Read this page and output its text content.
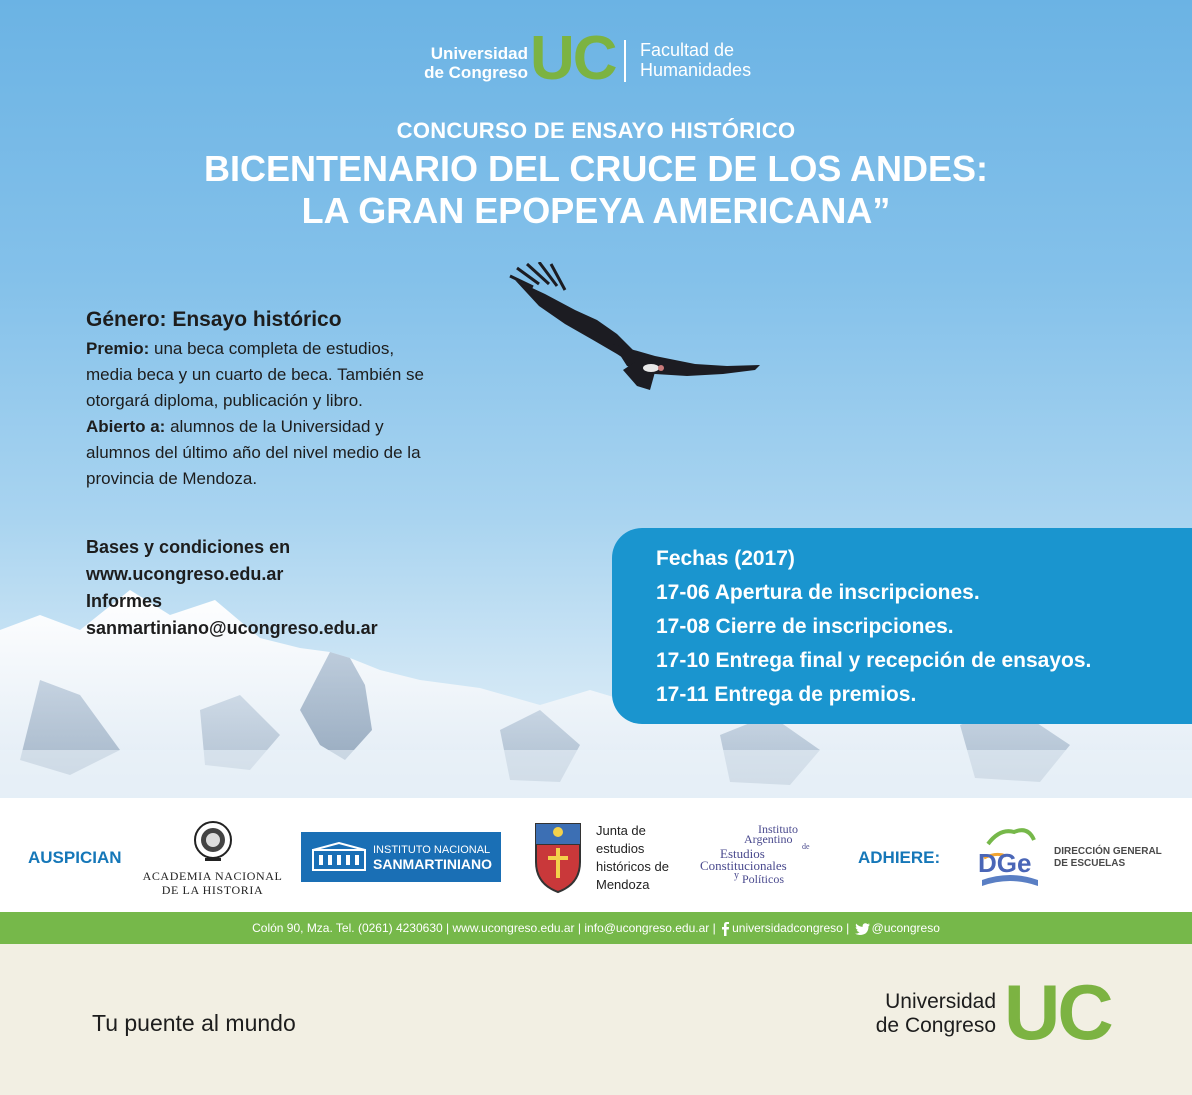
Universidad
de Congreso UC Facultad de
Humanidades
CONCURSO DE ENSAYO HISTÓRICO
BICENTENARIO DEL CRUCE DE LOS ANDES:
LA GRAN EPOPEYA AMERICANA”
Género: Ensayo histórico

Premio: una beca completa de estudios, media beca y un cuarto de beca. También se otorgará diploma, publicación y libro.

Abierto a: alumnos de la Universidad y alumnos del último año del nivel medio de la provincia de Mendoza.

Bases y condiciones en
www.ucongreso.edu.ar
Informes
sanmartiniano@ucongreso.edu.ar
Fechas (2017)
17-06 Apertura de inscripciones.
17-08 Cierre de inscripciones.
17-10 Entrega final y recepción de ensayos.
17-11 Entrega de premios.
AUSPICIAN
ACADEMIA NACIONAL
DE LA HISTORIA
INSTITUTO NACIONAL
SANMARTINIANO
Junta de
estudios
históricos de
Mendoza
Instituto
Argentino
de
Estudios
Constitucionales
y Políticos
ADHIERE: DGe DIRECCIÓN GENERAL
DE ESCUELAS
Colón 90, Mza. Tel. (0261) 4230630 | www.ucongreso.edu.ar | info@ucongreso.edu.ar | universidadcongreso | @ucongreso
Tu puente al mundo
Universidad
de Congreso UC
